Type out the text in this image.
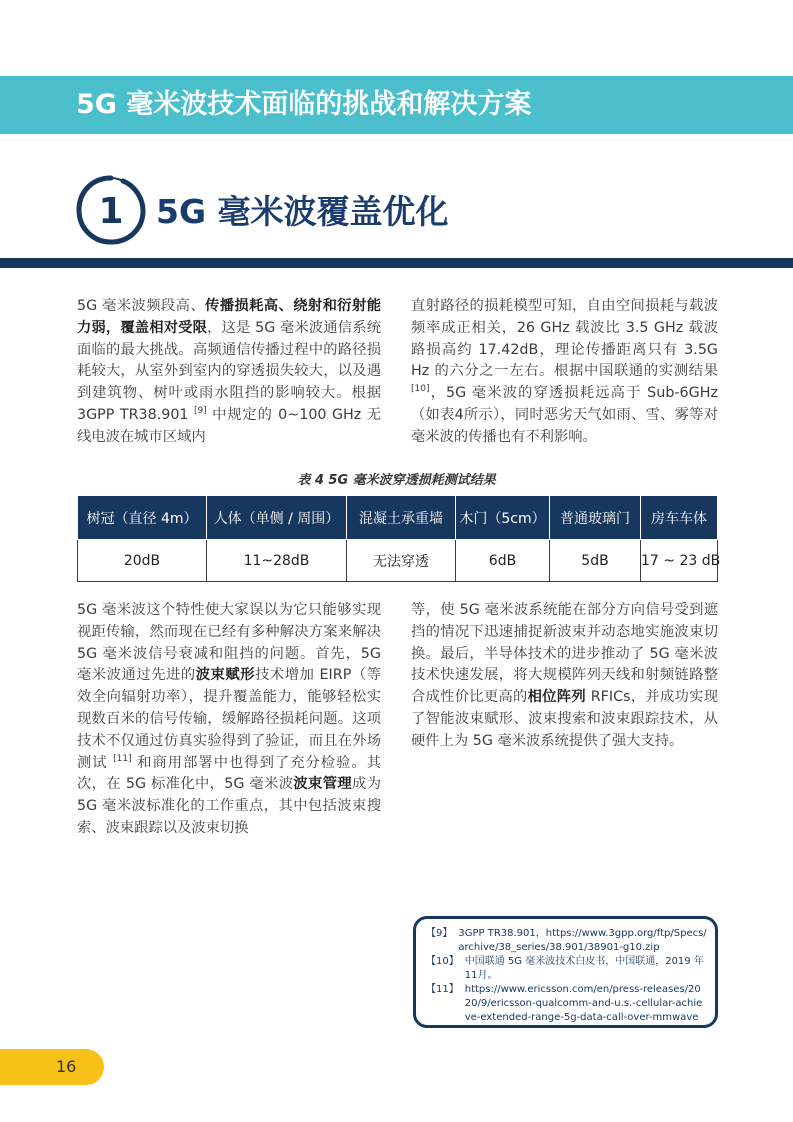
5G 毫米波技术面临的挑战和解决方案
1 5G 毫米波覆盖优化
5G 毫米波频段高、传播损耗高、绕射和衍射能力弱，覆盖相对受限，这是 5G 毫米波通信系统面临的最大挑战。高频通信传播过程中的路径损耗较大，从室外到室内的穿透损失较大，以及遇到建筑物、树叶或雨水阻挡的影响较大。根据 3GPP TR38.901 [9] 中规定的 0~100 GHz 无线电波在城市区域内
直射路径的损耗模型可知，自由空间损耗与载波频率成正相关，26 GHz 载波比 3.5 GHz 载波路损高约 17.42dB，理论传播距离只有 3.5G Hz 的六分之一左右。根据中国联通的实测结果 [10]，5G 毫米波的穿透损耗远高于 Sub-6GHz（如表4所示），同时恶劣天气如雨、雪、雾等对毫米波的传播也有不利影响。
表 4 5G 毫米波穿透损耗测试结果
树冠（直径 4m）	人体（单侧 / 周围）	混凝土承重墙	木门（5cm）	普通玻璃门	房车车体
20dB	11~28dB	无法穿透	6dB	5dB	17 ~ 23 dB
5G 毫米波这个特性使大家误以为它只能够实现视距传输，然而现在已经有多种解决方案来解决 5G 毫米波信号衰减和阻挡的问题。首先，5G 毫米波通过先进的波束赋形技术增加 EIRP（等效全向辐射功率），提升覆盖能力，能够轻松实现数百米的信号传输，缓解路径损耗问题。这项技术不仅通过仿真实验得到了验证，而且在外场测试 [11] 和商用部署中也得到了充分检验。其次，在 5G 标准化中，5G 毫米波波束管理成为 5G 毫米波标准化的工作重点，其中包括波束搜索、波束跟踪以及波束切换
等，使 5G 毫米波系统能在部分方向信号受到遮挡的情况下迅速捕捉新波束并动态地实施波束切换。最后，半导体技术的进步推动了 5G 毫米波技术快速发展，将大规模阵列天线和射频链路整合成性价比更高的相位阵列 RFICs，并成功实现了智能波束赋形、波束搜索和波束跟踪技术，从硬件上为 5G 毫米波系统提供了强大支持。
【9】 3GPP TR38.901，https://www.3gpp.org/ftp/Specs/archive/38_series/38.901/38901-g10.zip
【10】 中国联通 5G 毫米波技术白皮书，中国联通，2019 年 11月。
【11】 https://www.ericsson.com/en/press-releases/2020/9/ericsson-qualcomm-and-u.s.-cellular-achieve-extended-range-5g-data-call-over-mmwave
16
